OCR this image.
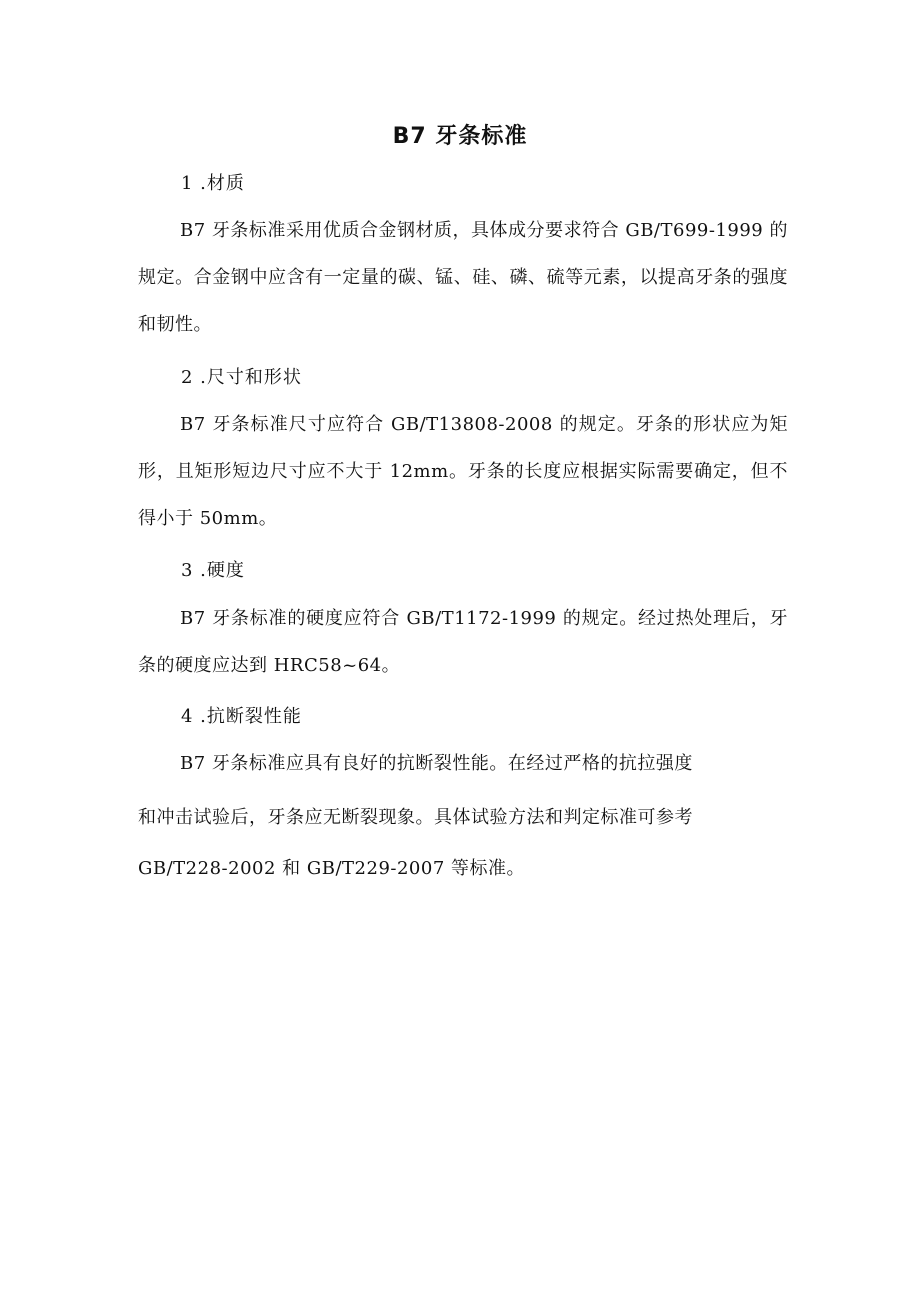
B7 牙条标准

1 .材质

B7 牙条标准采用优质合金钢材质，具体成分要求符合 GB/T699-1999 的规定。合金钢中应含有一定量的碳、锰、硅、磷、硫等元素，以提高牙条的强度和韧性。

2 .尺寸和形状

B7 牙条标准尺寸应符合 GB/T13808-2008 的规定。牙条的形状应为矩形，且矩形短边尺寸应不大于 12mm。牙条的长度应根据实际需要确定，但不得小于 50mm。

3 .硬度

B7 牙条标准的硬度应符合 GB/T1172-1999 的规定。经过热处理后，牙条的硬度应达到 HRC58~64。

4 .抗断裂性能

B7 牙条标准应具有良好的抗断裂性能。在经过严格的抗拉强度

和冲击试验后，牙条应无断裂现象。具体试验方法和判定标准可参考

GB/T228-2002 和 GB/T229-2007 等标准。
